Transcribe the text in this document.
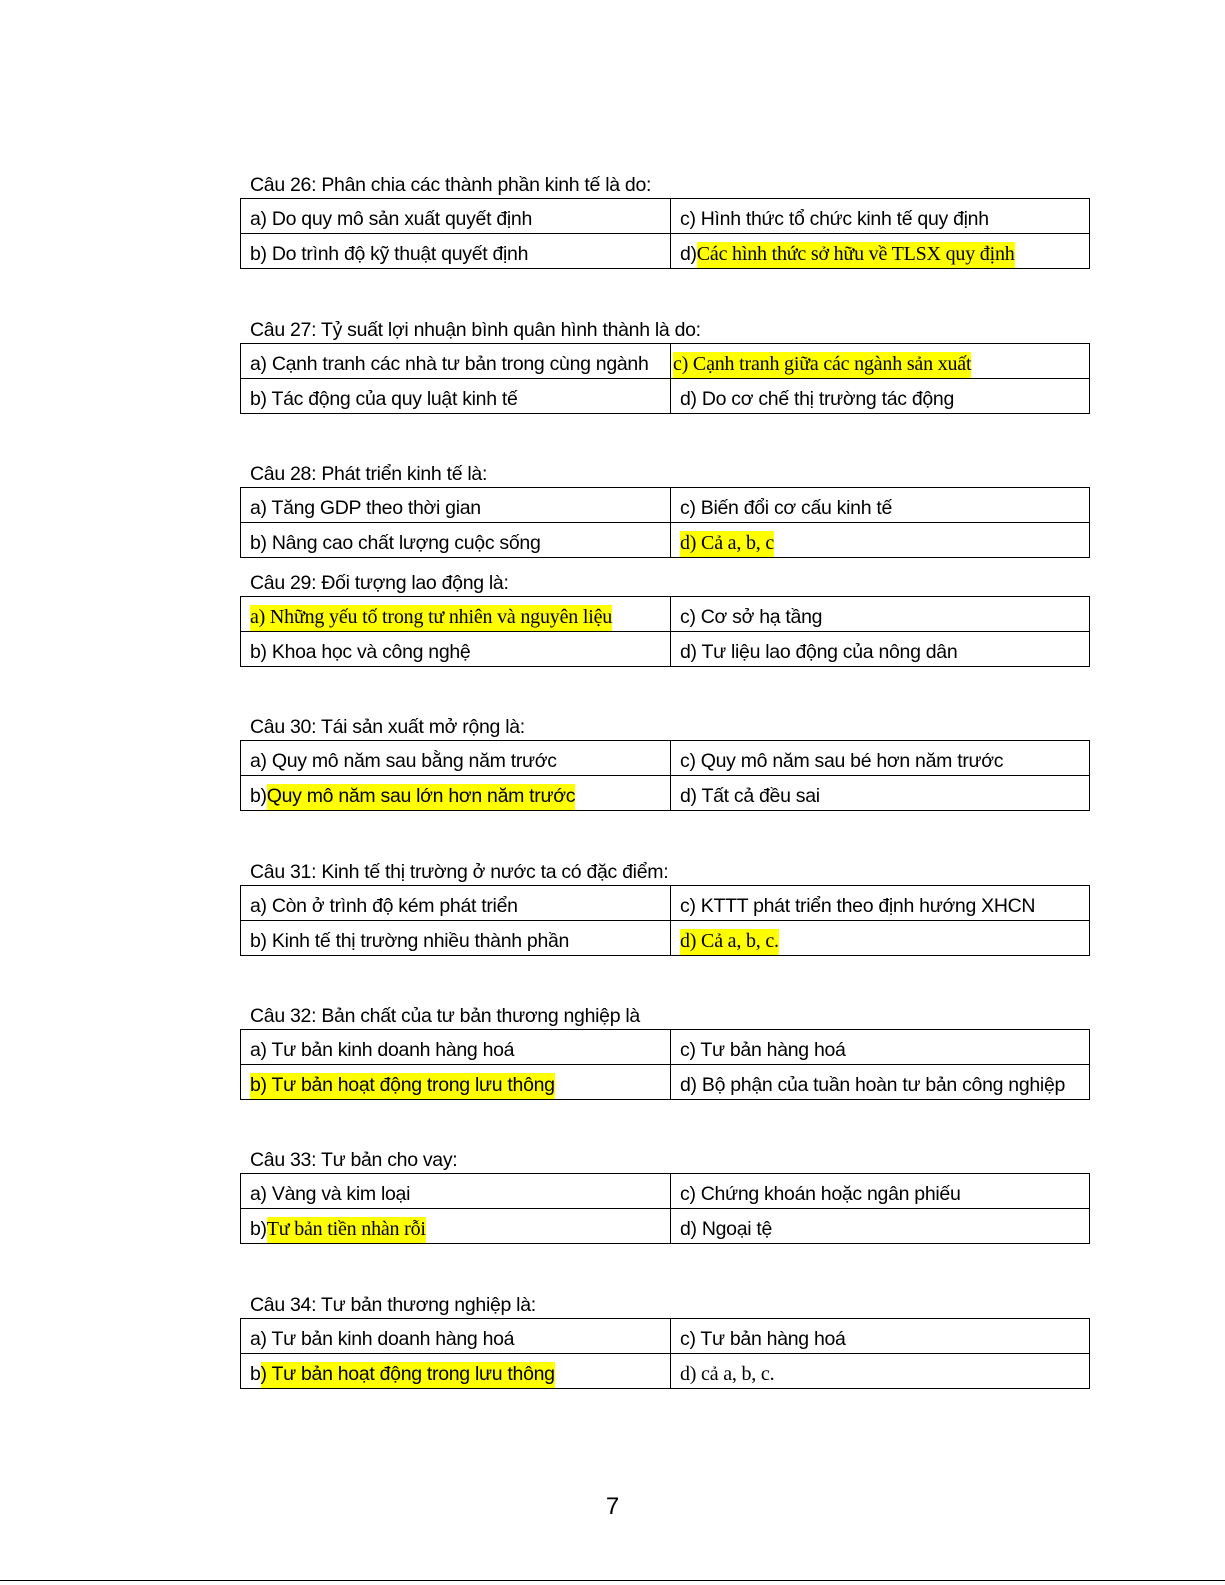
Câu 26: Phân chia các thành phần kinh tế là do:
a) Do quy mô sản xuất quyết định	c) Hình thức tổ chức kinh tế quy định
b) Do trình độ kỹ thuật quyết định	d)Các hình thức sở hữu về TLSX quy định
Câu 27: Tỷ suất lợi nhuận bình quân hình thành là do:
a) Cạnh tranh các nhà tư bản trong cùng ngành	c) Cạnh tranh giữa các ngành sản xuất
b) Tác động của quy luật kinh tế	d) Do cơ chế thị trường tác động
Câu 28: Phát triển kinh tế là:
a) Tăng GDP theo thời gian	c) Biến đổi cơ cấu kinh tế
b) Nâng cao chất lượng cuộc sống	d) Cả a, b, c
Câu 29: Đối tượng lao động là:
a) Những yếu tố trong tư nhiên và nguyên liệu	c) Cơ sở hạ tầng
b) Khoa học và công nghệ	d) Tư liệu lao động của nông dân
Câu 30: Tái sản xuất mở rộng là:
a) Quy mô năm sau bằng năm trước	c) Quy mô năm sau bé hơn năm trước
b)Quy mô năm sau lớn hơn năm trước	d) Tất cả đều sai
Câu 31: Kinh tế thị trường ở nước ta có đặc điểm:
a) Còn ở trình độ kém phát triển	c) KTTT phát triển theo định hướng XHCN
b) Kinh tế thị trường nhiều thành phần	d) Cả a, b, c.
Câu 32: Bản chất của tư bản thương nghiệp là
a) Tư bản kinh doanh hàng hoá	c) Tư bản hàng hoá
b) Tư bản hoạt động trong lưu thông	d) Bộ phận của tuần hoàn tư bản công nghiệp
Câu 33: Tư bản cho vay:
a) Vàng và kim loại	c) Chứng khoán hoặc ngân phiếu
b)Tư bản tiền nhàn rỗi	d) Ngoại tệ
Câu 34: Tư bản thương nghiệp là:
a) Tư bản kinh doanh hàng hoá	c) Tư bản hàng hoá
b) Tư bản hoạt động trong lưu thông	d) cả a, b, c.
7
